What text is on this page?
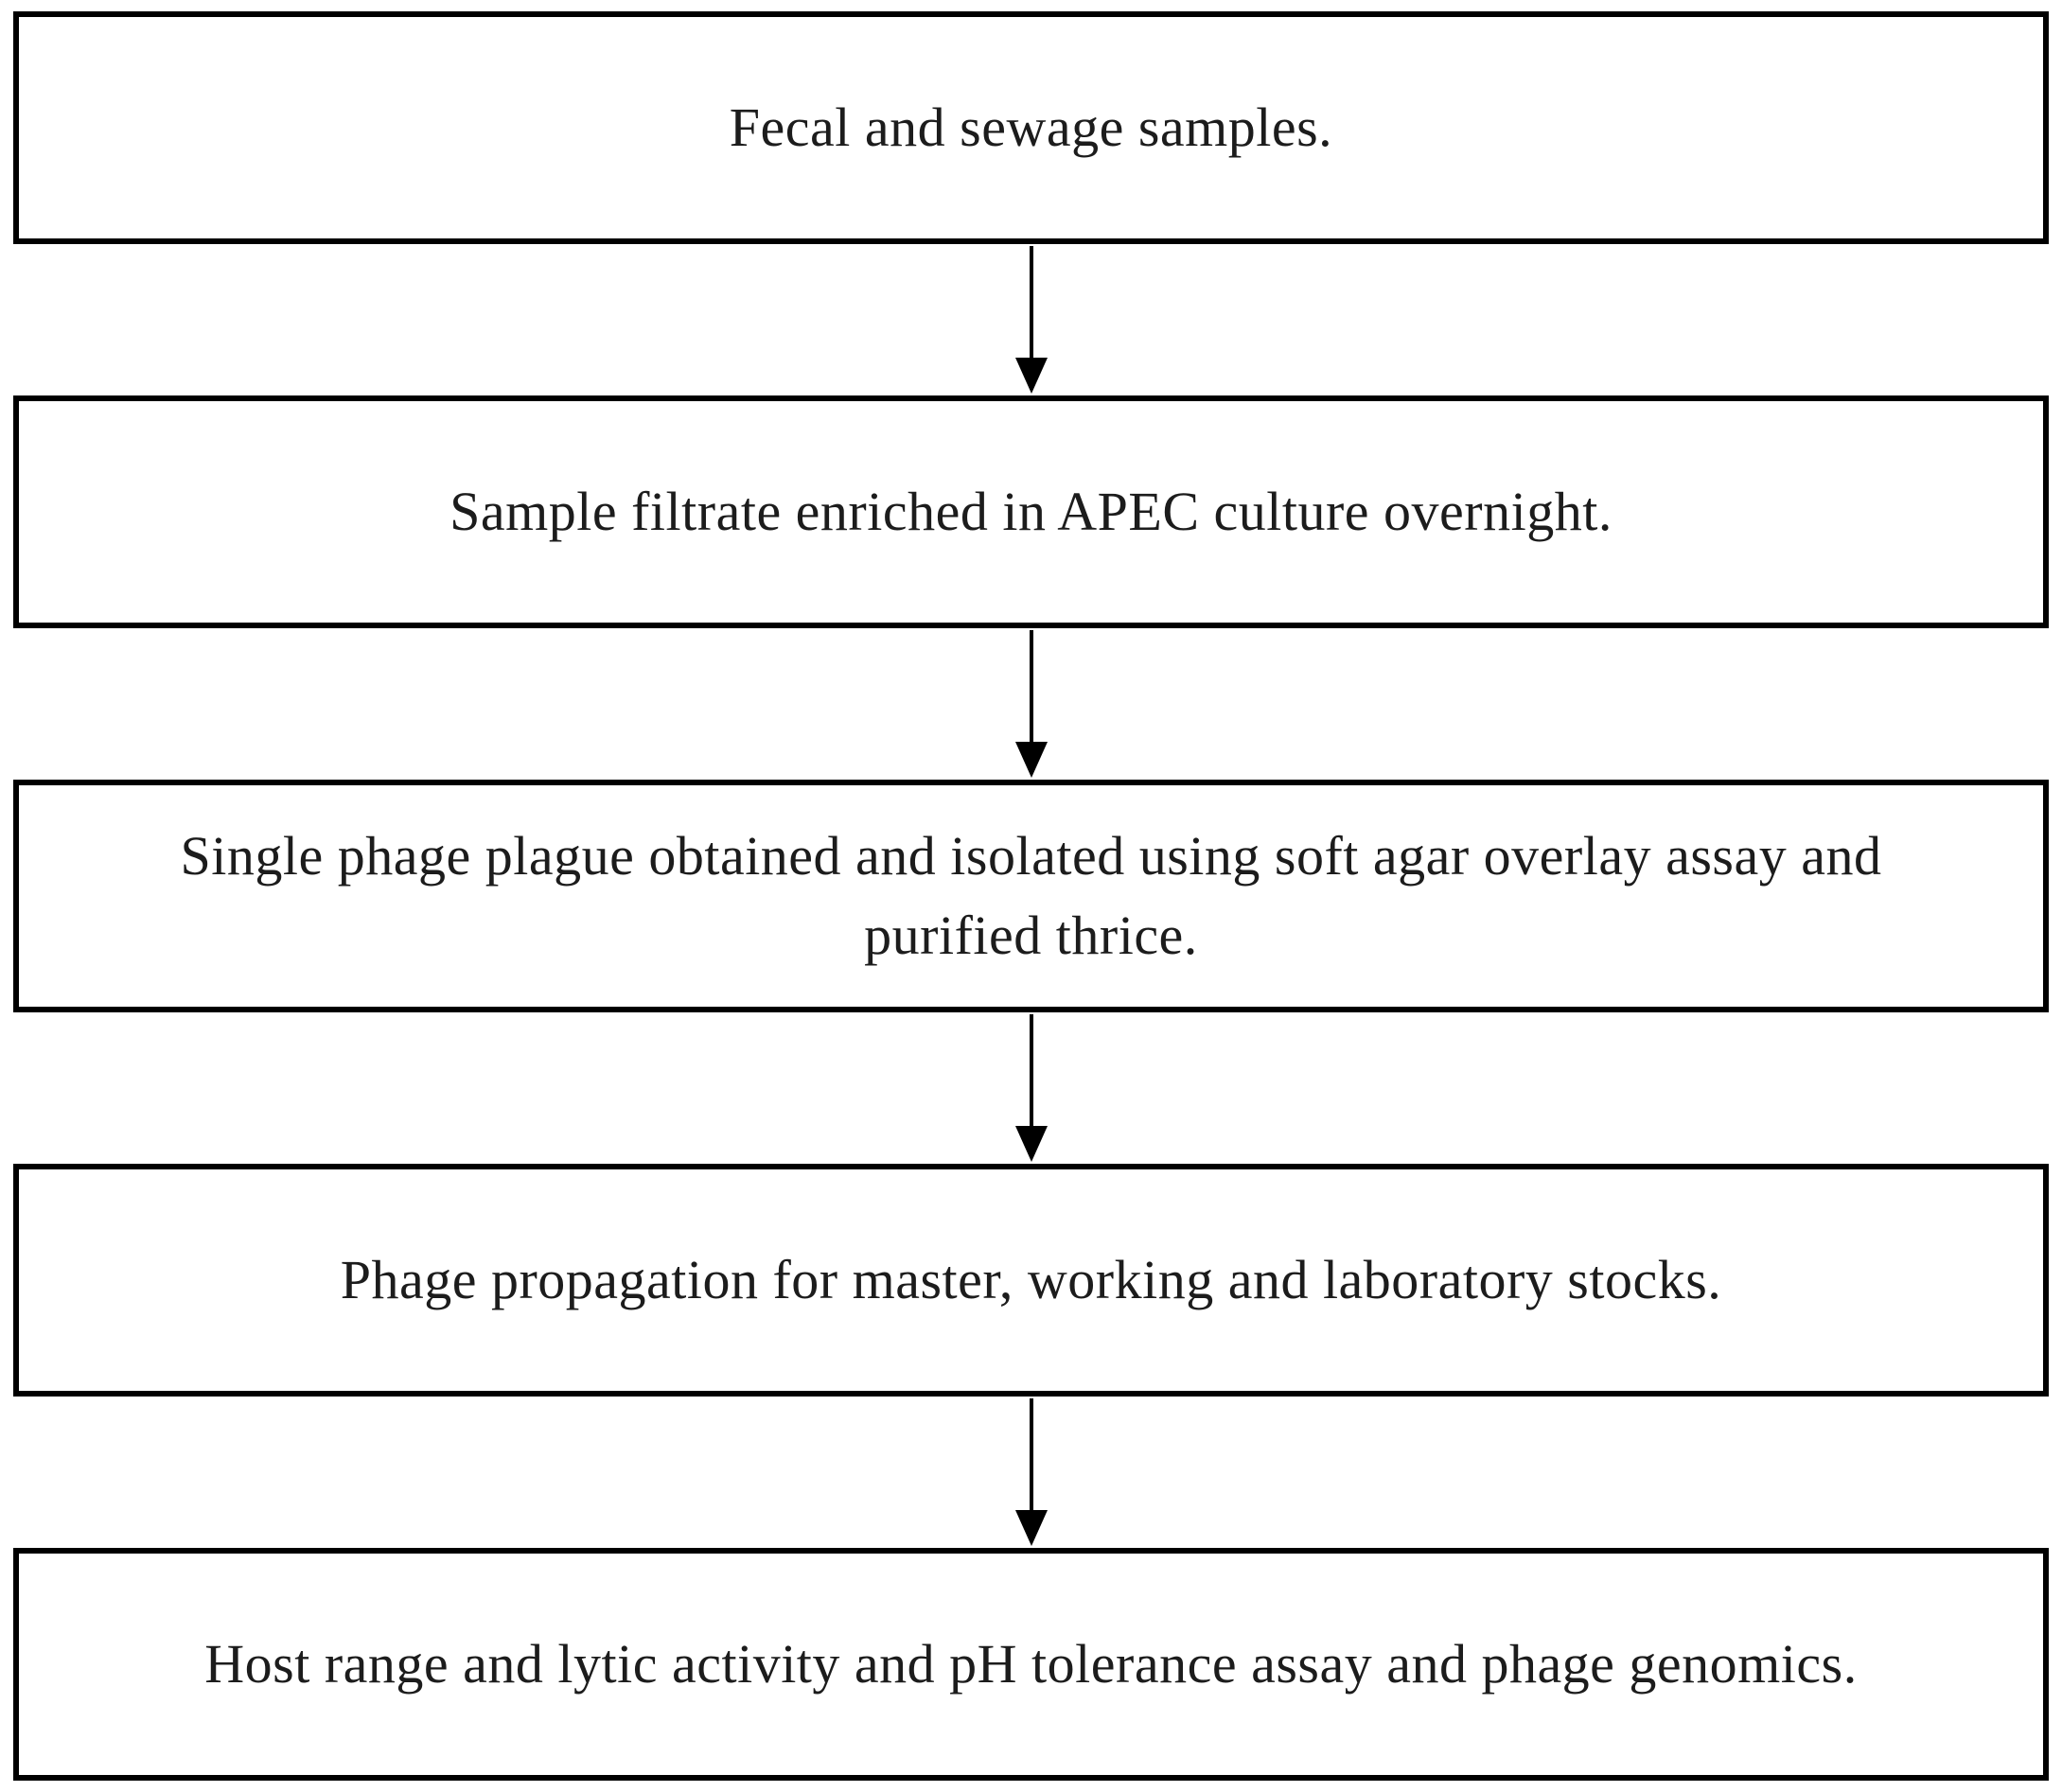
Fecal and sewage samples.
Sample filtrate enriched in APEC culture overnight.
Single phage plague obtained and isolated using soft agar overlay assay and purified thrice.
Phage propagation for master, working and laboratory stocks.
Host range and lytic activity and pH tolerance assay and phage genomics.
